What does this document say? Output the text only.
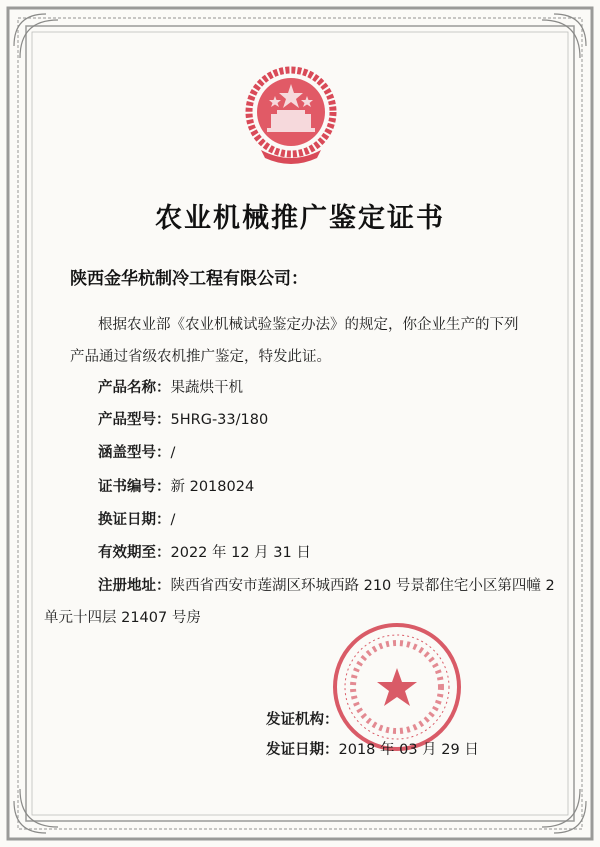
农业机械推广鉴定证书
陕西金华杭制冷工程有限公司：
根据农业部《农业机械试验鉴定办法》的规定，你企业生产的下列
产品通过省级农机推广鉴定，特发此证。
产品名称：果蔬烘干机
产品型号：5HRG-33/180
涵盖型号：/
证书编号：新 2018024
换证日期：/
有效期至：2022 年 12 月 31 日
注册地址：陕西省西安市莲湖区环城西路 210 号景都住宅小区第四幢 2
单元十四层 21407 号房
发证机构：
发证日期：2018 年 03 月 29 日
